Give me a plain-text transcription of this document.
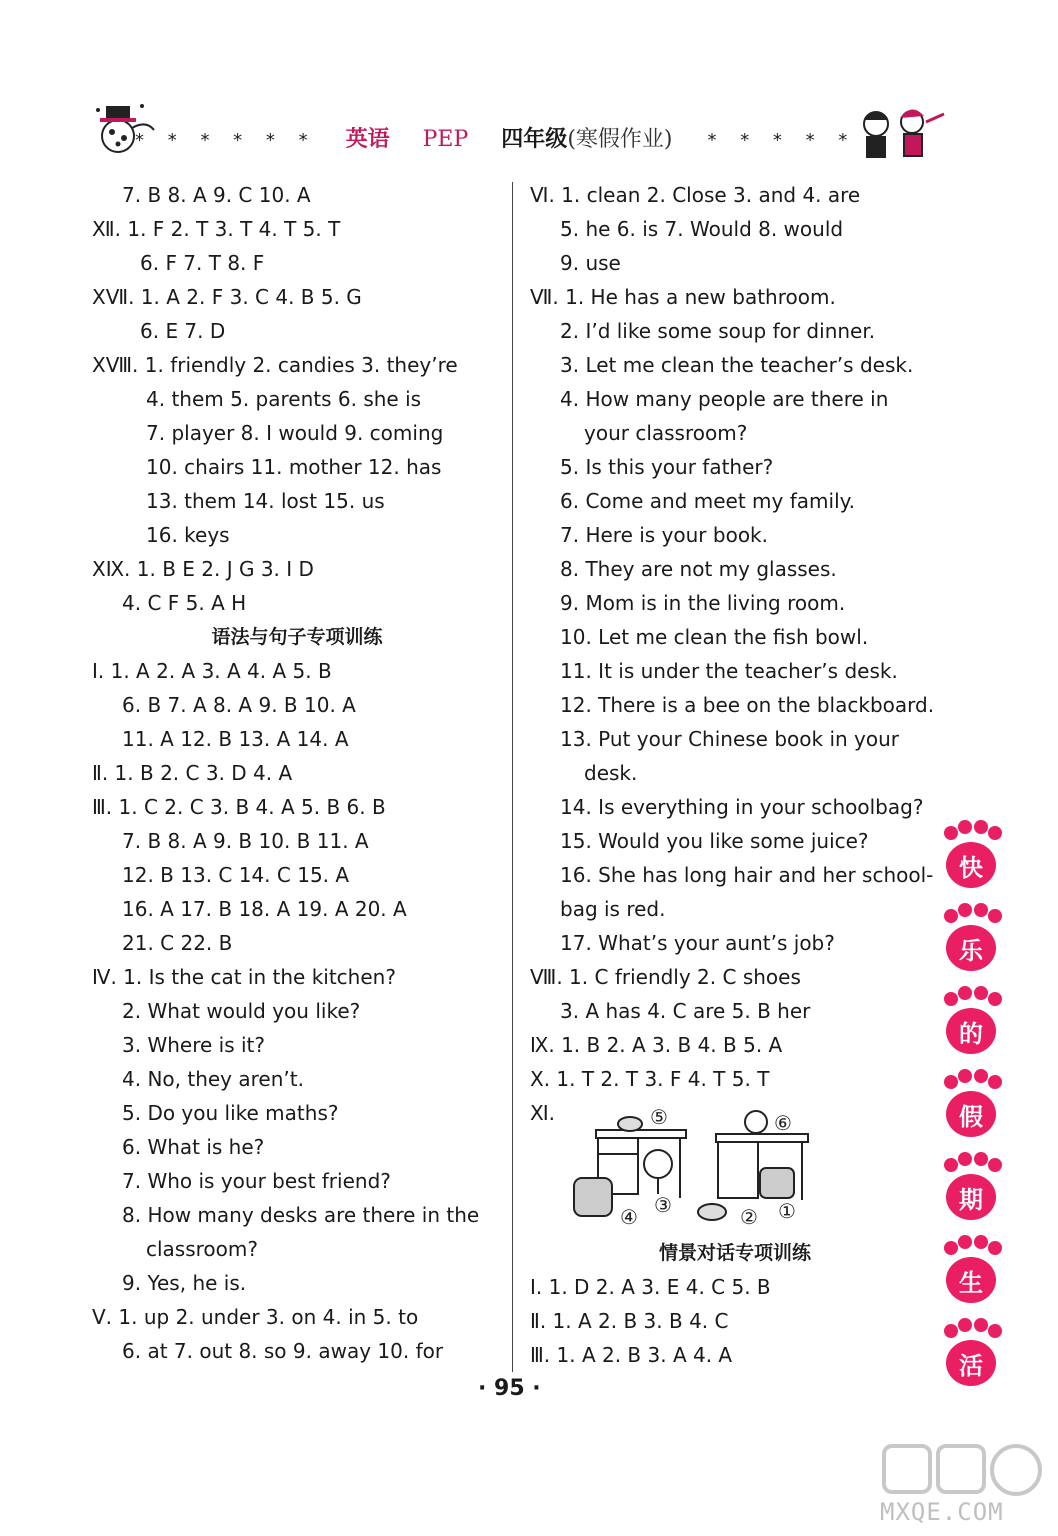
* * * * * * 英语 PEP 四年级(寒假作业) * * * * *
7. B 8. A 9. C 10. A
Ⅻ. 1. F 2. T 3. T 4. T 5. T
6. F 7. T 8. F
ⅩⅦ. 1. A 2. F 3. C 4. B 5. G
6. E 7. D
ⅩⅧ. 1. friendly 2. candies 3. they’re
4. them 5. parents 6. she is
7. player 8. I would 9. coming
10. chairs 11. mother 12. has
13. them 14. lost 15. us
16. keys
ⅩⅨ. 1. B E 2. J G 3. I D
4. C F 5. A H
语法与句子专项训练
Ⅰ. 1. A 2. A 3. A 4. A 5. B
6. B 7. A 8. A 9. B 10. A
11. A 12. B 13. A 14. A
Ⅱ. 1. B 2. C 3. D 4. A
Ⅲ. 1. C 2. C 3. B 4. A 5. B 6. B
7. B 8. A 9. B 10. B 11. A
12. B 13. C 14. C 15. A
16. A 17. B 18. A 19. A 20. A
21. C 22. B
Ⅳ. 1. Is the cat in the kitchen?
2. What would you like?
3. Where is it?
4. No, they aren’t.
5. Do you like maths?
6. What is he?
7. Who is your best friend?
8. How many desks are there in the
classroom?
9. Yes, he is.
Ⅴ. 1. up 2. under 3. on 4. in 5. to
6. at 7. out 8. so 9. away 10. for
Ⅵ. 1. clean 2. Close 3. and 4. are
5. he 6. is 7. Would 8. would
9. use
Ⅶ. 1. He has a new bathroom.
2. I’d like some soup for dinner.
3. Let me clean the teacher’s desk.
4. How many people are there in
your classroom?
5. Is this your father?
6. Come and meet my family.
7. Here is your book.
8. They are not my glasses.
9. Mom is in the living room.
10. Let me clean the fish bowl.
11. It is under the teacher’s desk.
12. There is a bee on the blackboard.
13. Put your Chinese book in your
desk.
14. Is everything in your schoolbag?
15. Would you like some juice?
16. She has long hair and her school-
bag is red.
17. What’s your aunt’s job?
Ⅷ. 1. C friendly 2. C shoes
3. A has 4. C are 5. B her
Ⅸ. 1. B 2. A 3. B 4. B 5. A
Ⅹ. 1. T 2. T 3. F 4. T 5. T
Ⅺ.
情景对话专项训练
Ⅰ. 1. D 2. A 3. E 4. C 5. B
Ⅱ. 1. A 2. B 3. B 4. C
Ⅲ. 1. A 2. B 3. A 4. A
⑤
③
④
⑥
② ①
· 95 ·
快
乐
的
假
期
生
活
MXQE.COM
